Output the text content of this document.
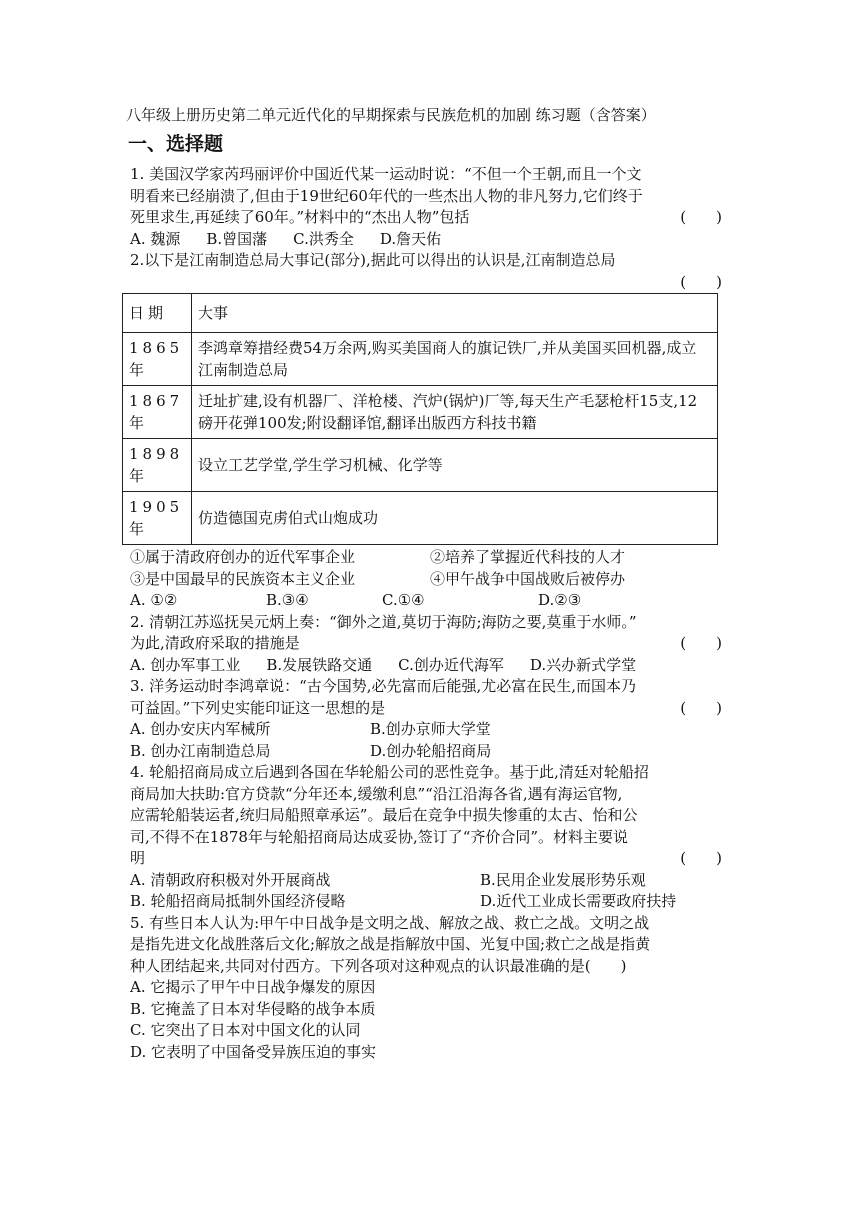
八年级上册历史第二单元近代化的早期探索与民族危机的加剧 练习题（含答案）
一、选择题
1. 美国汉学家芮玛丽评价中国近代某一运动时说：“不但一个王朝,而且一个文
明看来已经崩溃了,但由于19世纪60年代的一些杰出人物的非凡努力,它们终于
死里求生,再延续了60年。”材料中的“杰出人物”包括	(　　)
A. 魏源 B.曾国藩 C.洪秀全 D.詹天佑
2.以下是江南制造总局大事记(部分),据此可以得出的认识是,江南制造总局
(　　)
日期	大事
1865年	李鸿章筹措经费54万余两,购买美国商人的旗记铁厂,并从美国买回机器,成立江南制造总局
1867年	迁址扩建,设有机器厂、洋枪楼、汽炉(锅炉)厂等,每天生产毛瑟枪杆15支,12磅开花弹100发;附设翻译馆,翻译出版西方科技书籍
1898年	设立工艺学堂,学生学习机械、化学等
1905年	仿造德国克虏伯式山炮成功
①属于清政府创办的近代军事企业	②培养了掌握近代科技的人才
③是中国最早的民族资本主义企业	④甲午战争中国战败后被停办
A. ①②	B.③④	C.①④	D.②③
2. 清朝江苏巡抚吴元炳上奏：“御外之道,莫切于海防;海防之要,莫重于水师。”
为此,清政府采取的措施是	(　　)
A. 创办军事工业 B.发展铁路交通 C.创办近代海军 D.兴办新式学堂
3. 洋务运动时李鸿章说：“古今国势,必先富而后能强,尤必富在民生,而国本乃
可益固。”下列史实能印证这一思想的是	(　　)
A. 创办安庆内军械所	B.创办京师大学堂
B. 创办江南制造总局	D.创办轮船招商局
4. 轮船招商局成立后遇到各国在华轮船公司的恶性竞争。基于此,清廷对轮船招
商局加大扶助:官方贷款“分年还本,缓缴利息”“沿江沿海各省,遇有海运官物,
应需轮船装运者,统归局船照章承运”。最后在竞争中损失惨重的太古、怡和公
司,不得不在1878年与轮船招商局达成妥协,签订了“齐价合同”。材料主要说
明	(　　)
A. 清朝政府积极对外开展商战	B.民用企业发展形势乐观
B. 轮船招商局抵制外国经济侵略	D.近代工业成长需要政府扶持
5. 有些日本人认为:甲午中日战争是文明之战、解放之战、救亡之战。文明之战
是指先进文化战胜落后文化;解放之战是指解放中国、光复中国;救亡之战是指黄
种人团结起来,共同对付西方。下列各项对这种观点的认识最准确的是(　　)
A. 它揭示了甲午中日战争爆发的原因
B. 它掩盖了日本对华侵略的战争本质
C. 它突出了日本对中国文化的认同
D. 它表明了中国备受异族压迫的事实
